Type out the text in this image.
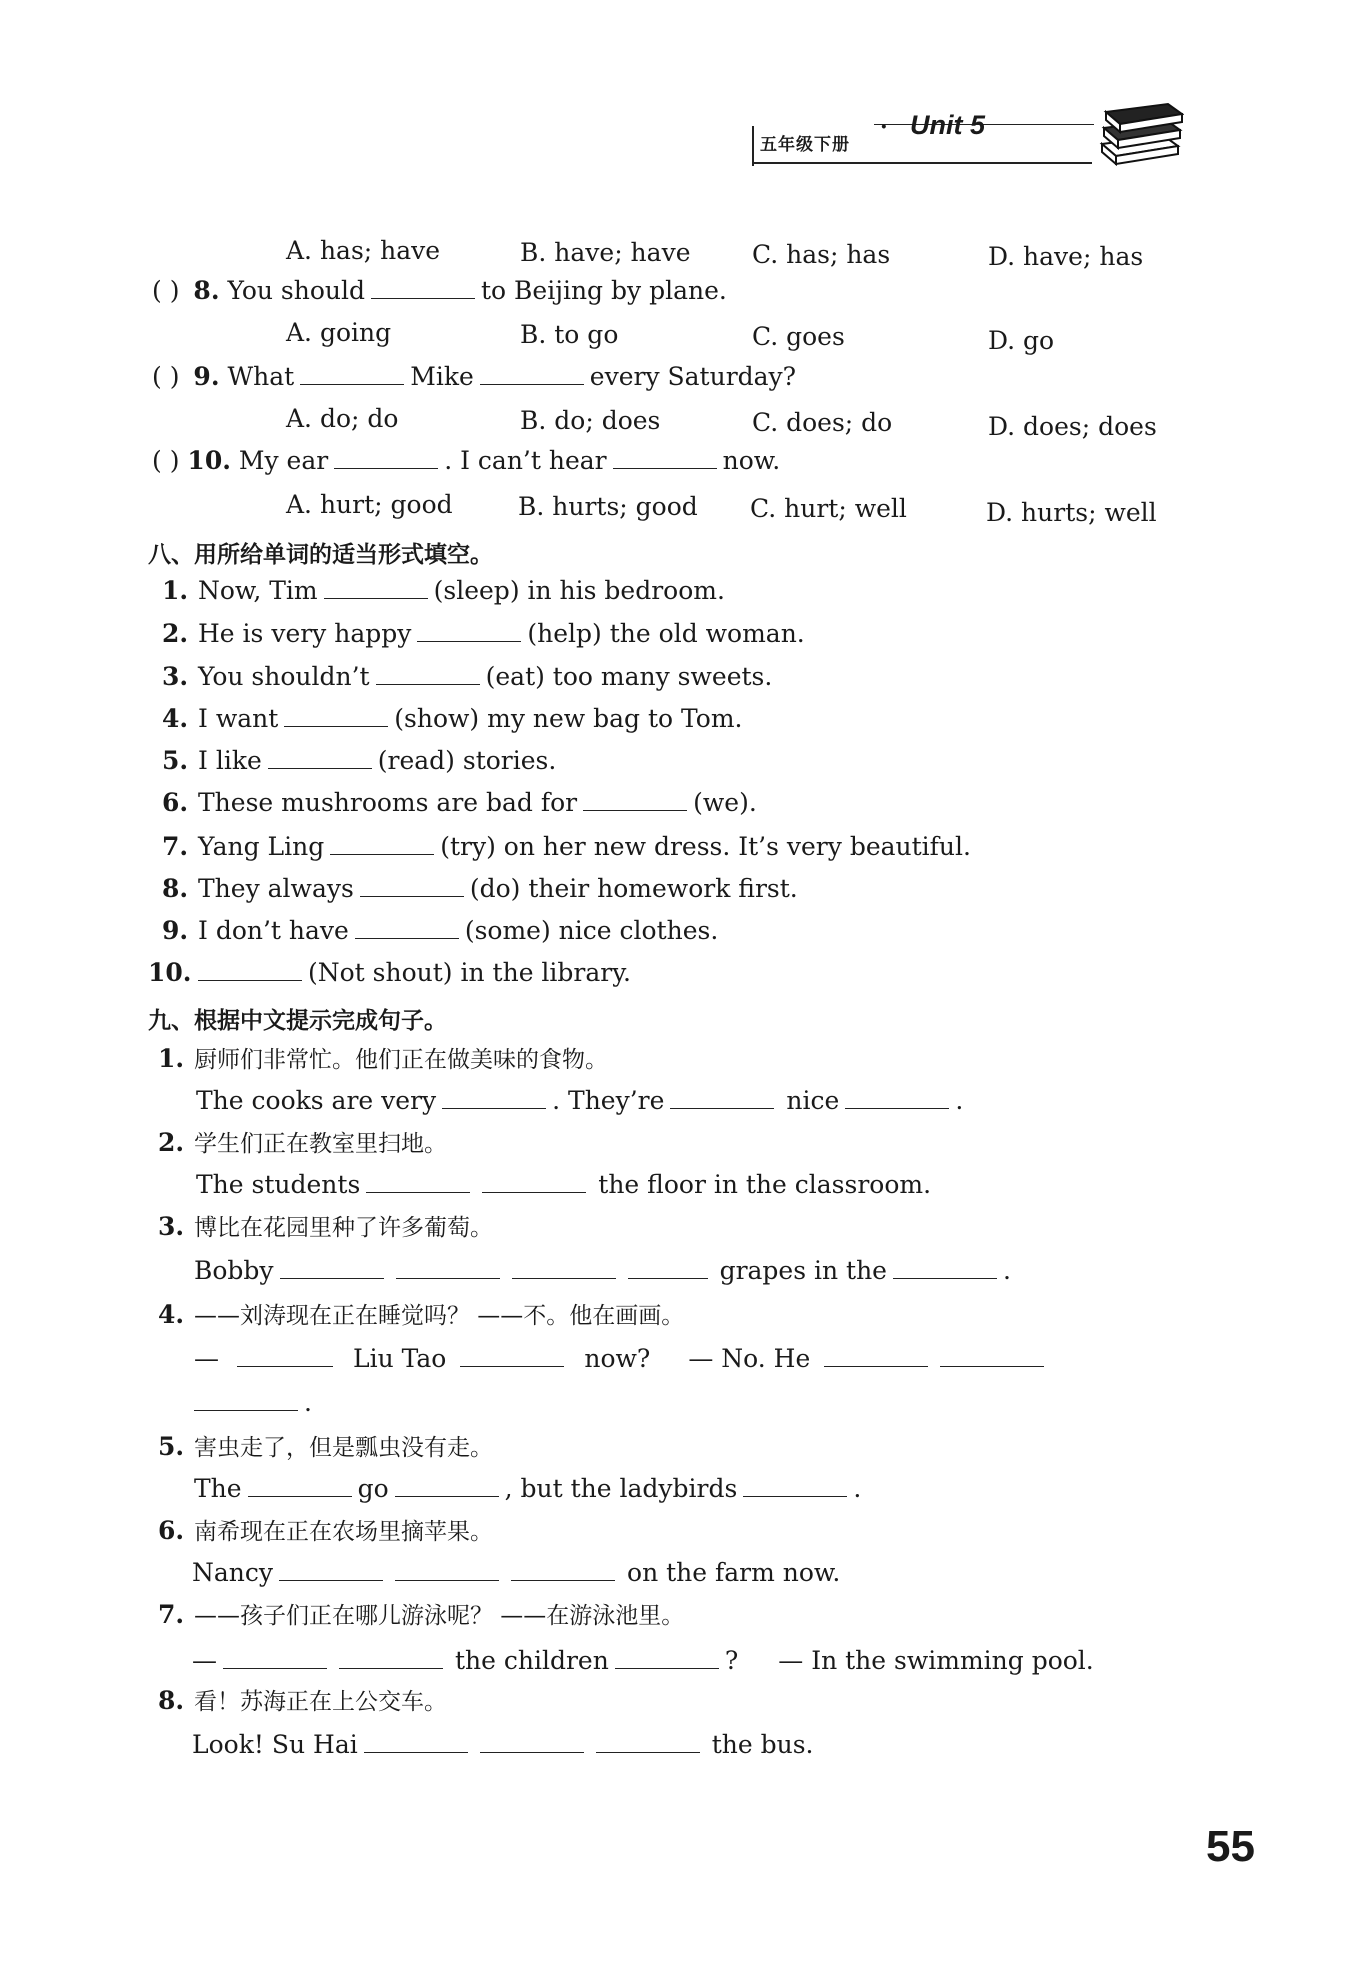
五年级下册
· Unit 5
A. has; have	B. have; have C. has; has	D. have; has
( ) 8. You should	to Beijing by plane.
A. going	B. to go	C. goes	D. go
( ) 9. What	Mike	every Saturday?
A. do; do	B. do; does	C. does; do	D. does; does
( ) 10. My ear	. I can’t hear	now.
A. hurt; good	B. hurts; good C. hurt; well	D. hurts; well
八、用所给单词的适当形式填空。
1. Now, Tim	(sleep) in his bedroom.
2. He is very happy	(help) the old woman.
3. You shouldn’t	(eat) too many sweets.
4. I want	(show) my new bag to Tom.
5. I like	(read) stories.
6. These mushrooms are bad for	(we).
7. Yang Ling	(try) on her new dress. It’s very beautiful.
8. They always	(do) their homework first.
9. I don’t have	(some) nice clothes.
10.	(Not shout) in the library.
九、根据中文提示完成句子。
1. 厨师们非常忙。他们正在做美味的食物。
The cooks are very	. They’re	nice	.
2. 学生们正在教室里扫地。
The students	the floor in the classroom.
3. 博比在花园里种了许多葡萄。
Bobby	grapes in the	.
4. ——刘涛现在正在睡觉吗？ ——不。他在画画。
—	Liu Tao	now? — No. He
.
5. 害虫走了，但是瓢虫没有走。
The	go	, but the ladybirds	.
6. 南希现在正在农场里摘苹果。
Nancy	on the farm now.
7. ——孩子们正在哪儿游泳呢？ ——在游泳池里。
—	the children	? — In the swimming pool.
8. 看！苏海正在上公交车。
Look! Su Hai	the bus.
55
